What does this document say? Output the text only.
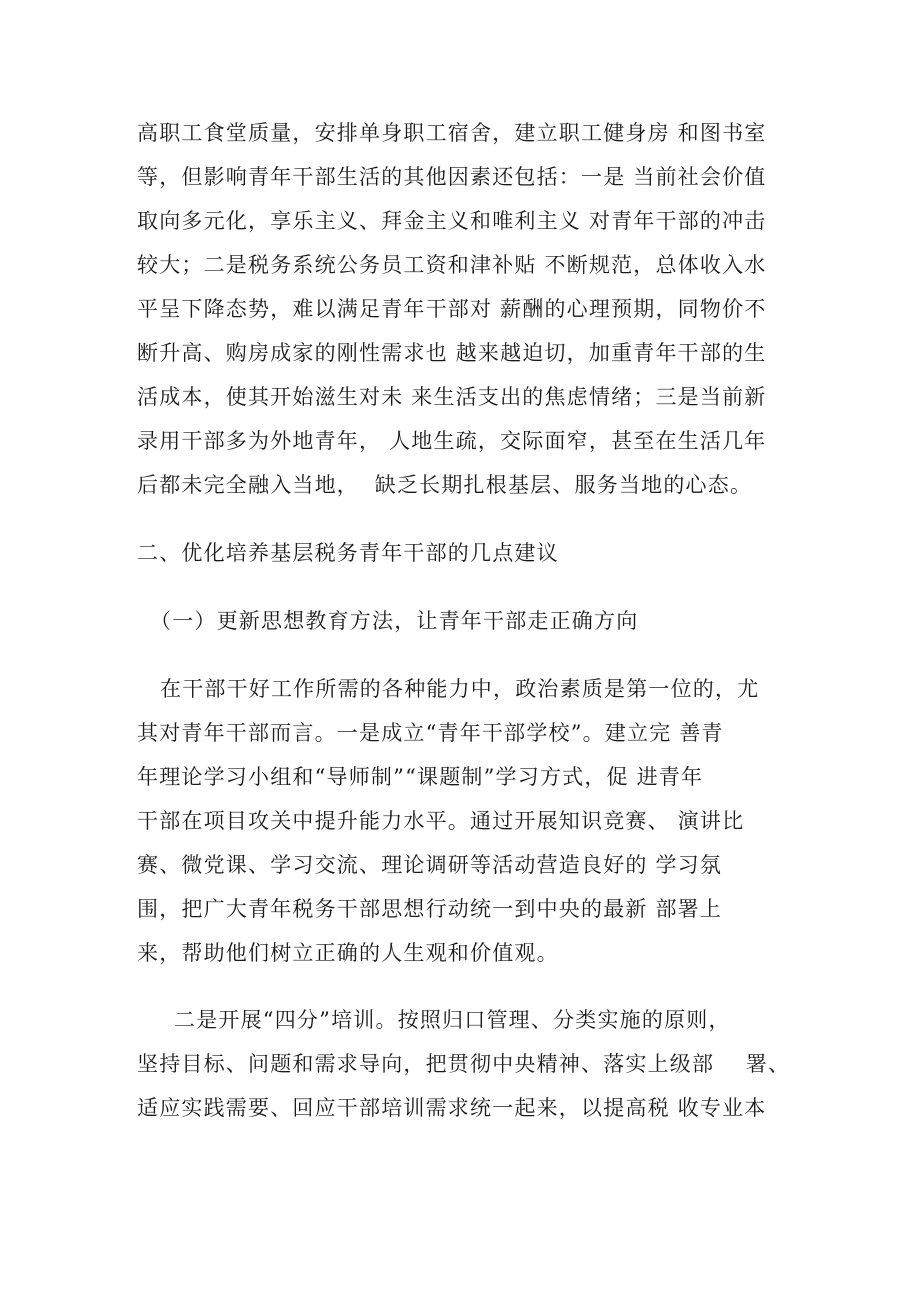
高职工食堂质量，安排单身职工宿舍，建立职工健身房 和图书室
等，但影响青年干部生活的其他因素还包括：一是 当前社会价值
取向多元化，享乐主义、拜金主义和唯利主义 对青年干部的冲击
较大；二是税务系统公务员工资和津补贴 不断规范，总体收入水
平呈下降态势，难以满足青年干部对 薪酬的心理预期，同物价不
断升高、购房成家的刚性需求也 越来越迫切，加重青年干部的生
活成本，使其开始滋生对未 来生活支出的焦虑情绪；三是当前新
录用干部多为外地青年， 人地生疏，交际面窄，甚至在生活几年
后都未完全融入当地，  缺乏长期扎根基层、服务当地的心态。
二、优化培养基层税务青年干部的几点建议
（一）更新思想教育方法，让青年干部走正确方向
在干部干好工作所需的各种能力中，政治素质是第一位的，尤
其对青年干部而言。一是成立“青年干部学校”。建立完 善青
年理论学习小组和“导师制”“课题制”学习方式，促 进青年
干部在项目攻关中提升能力水平。通过开展知识竞赛、 演讲比
赛、微党课、学习交流、理论调研等活动营造良好的 学习氛
围，把广大青年税务干部思想行动统一到中央的最新 部署上
来，帮助他们树立正确的人生观和价值观。
二是开展“四分”培训。按照归口管理、分类实施的原则，
坚持目标、问题和需求导向，把贯彻中央精神、落实上级部    署、
适应实践需要、回应干部培训需求统一起来，以提高税 收专业本
